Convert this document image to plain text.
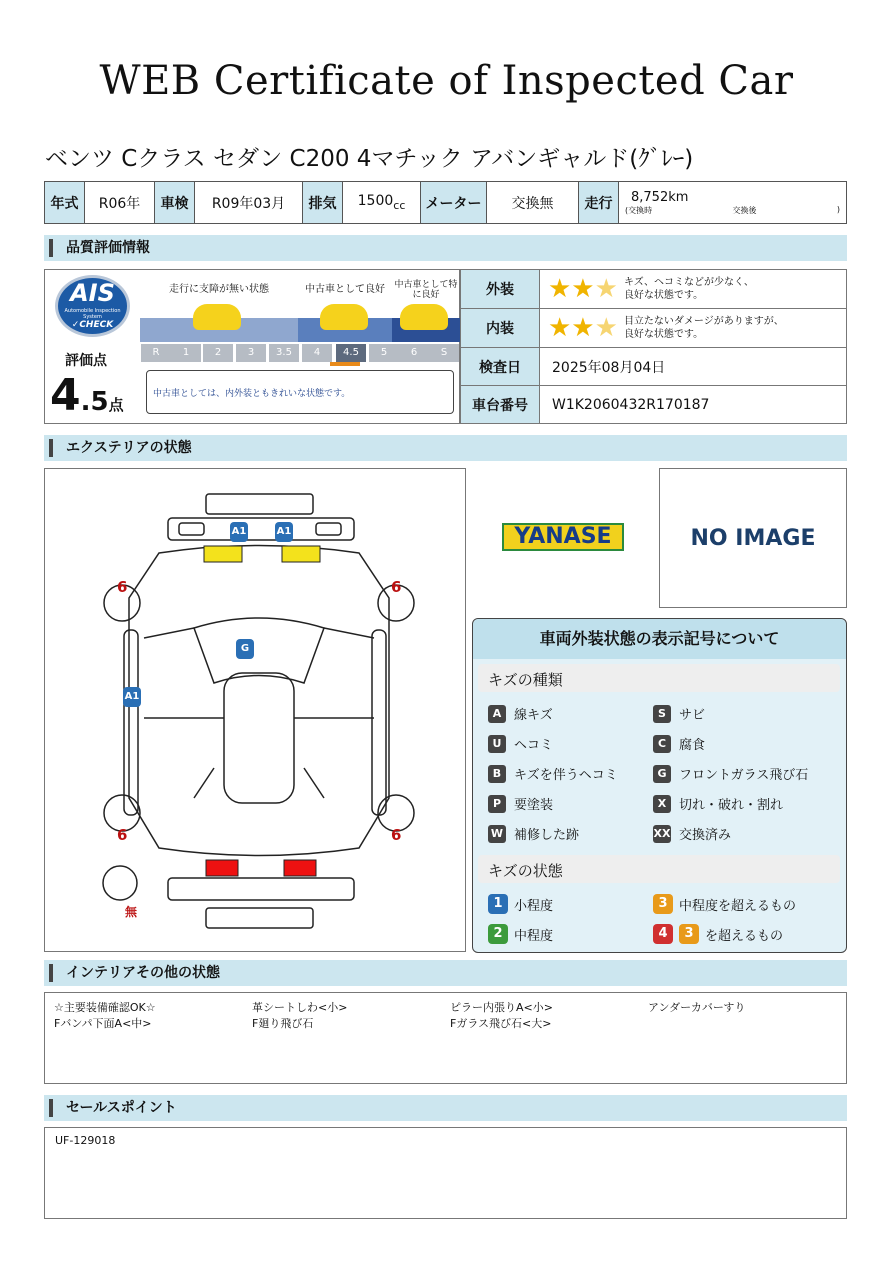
WEB Certificate of Inspected Car
ベンツ Cクラス セダン C200 4マチック アバンギャルド(ｸﾞﾚｰ)
年式	R06年	車検	R09年03月	排気	$1500_{cc}$	メーター	交換無	走行	8,752km
(交換時	交換後	)
品質評価情報
AIS
Automobile Inspection System
✓CHECK
評価点
4.5点
走行に支障が無い状態	中古車として良好	中古車として特に良好
R	1	2	3	3.5	4	4.5	5	6	S
中古車としては、内外装ともきれいな状態です。
外装	★★ ★ キズ、ヘコミなどが少なく、
良好な状態です。
内装	★★ ★ 目立たないダメージがありますが、
良好な状態です。
検査日	2025年08月04日
車台番号	W1K2060432R170187
エクステリアの状態
A1	A1
G
A1
6	6
6	6
無
YANASE	NO IMAGE
車両外装状態の表示記号について
キズの種類
A 線キズ	S	サビ
U ヘコミ	C 腐食
B キズを伴うヘコミ	G フロントガラス飛び石
P 要塗装	X 切れ・破れ・割れ
W 補修した跡	XX 交換済み
キズの状態
1 小程度	3 中程度を超えるもの
2 中程度	4	3 を超えるもの
インテリアその他の状態
☆主要装備確認OK☆	革シートしわ<小>	ピラー内張りA<小>	アンダーカバーすり
Fバンパ下面A<中>	F廻り飛び石	Fガラス飛び石<大>
セールスポイント
UF-129018
